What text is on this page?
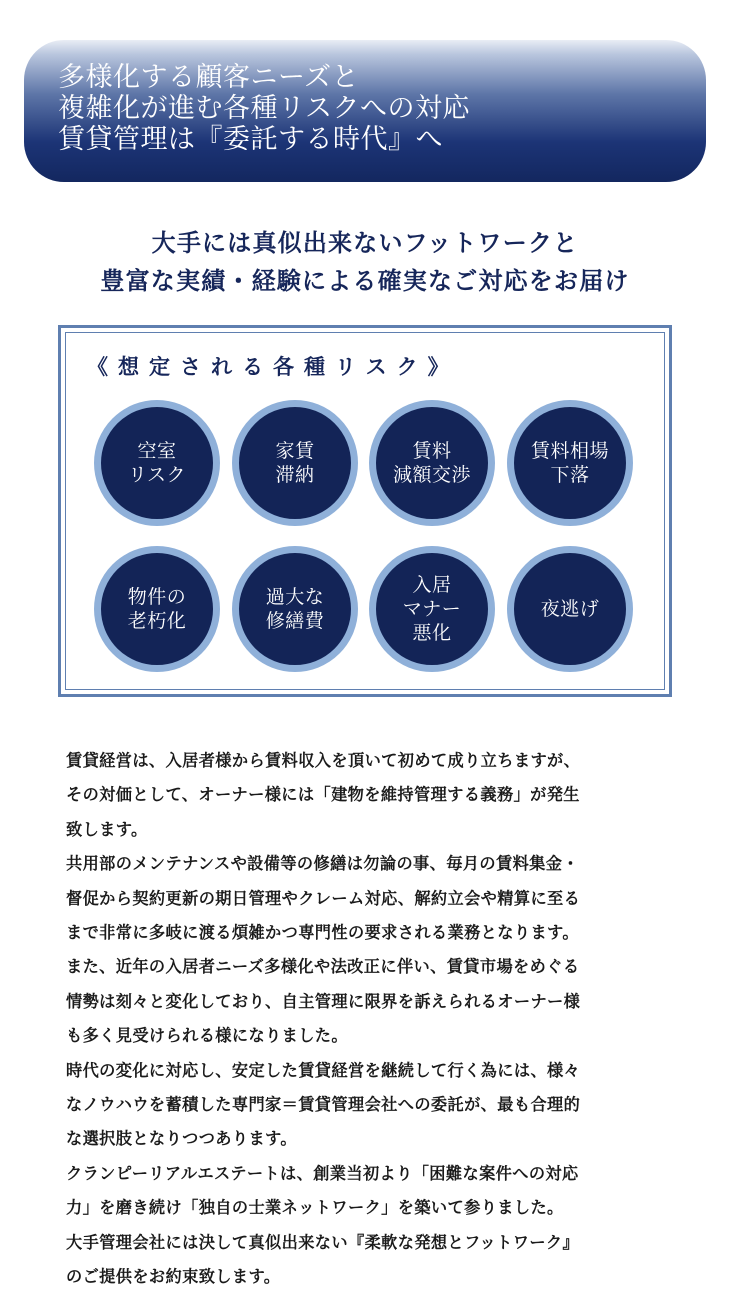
多様化する顧客ニーズと
複雑化が進む各種リスクへの対応
賃貸管理は『委託する時代』へ
大手には真似出来ないフットワークと
豊富な実績・経験による確実なご対応をお届け
《想定される各種リスク》
空室
リスク
家賃
滞納
賃料
減額交渉
賃料相場
下落
物件の
老朽化
過大な
修繕費
入居
マナー
悪化
夜逃げ

賃貸経営は、入居者様から賃料収入を頂いて初めて成り立ちますが、

その対価として、オーナー様には「建物を維持管理する義務」が発生

致します。

共用部のメンテナンスや設備等の修繕は勿論の事、毎月の賃料集金・

督促から契約更新の期日管理やクレーム対応、解約立会や精算に至る

まで非常に多岐に渡る煩雑かつ専門性の要求される業務となります。

また、近年の入居者ニーズ多様化や法改正に伴い、賃貸市場をめぐる

情勢は刻々と変化しており、自主管理に限界を訴えられるオーナー様

も多く見受けられる様になりました。

時代の変化に対応し、安定した賃貸経営を継続して行く為には、様々

なノウハウを蓄積した専門家＝賃貸管理会社への委託が、最も合理的

な選択肢となりつつあります。

クランピーリアルエステートは、創業当初より「困難な案件への対応

力」を磨き続け「独自の士業ネットワーク」を築いて参りました。

大手管理会社には決して真似出来ない『柔軟な発想とフットワーク』

のご提供をお約束致します。
